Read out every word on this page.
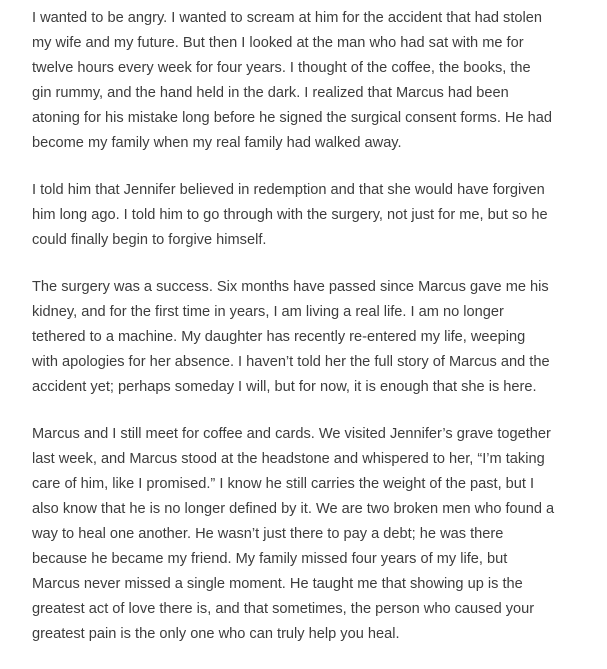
I wanted to be angry. I wanted to scream at him for the accident that had stolen
my wife and my future. But then I looked at the man who had sat with me for
twelve hours every week for four years. I thought of the coffee, the books, the
gin rummy, and the hand held in the dark. I realized that Marcus had been
atoning for his mistake long before he signed the surgical consent forms. He had
become my family when my real family had walked away.

I told him that Jennifer believed in redemption and that she would have forgiven
him long ago. I told him to go through with the surgery, not just for me, but so he
could finally begin to forgive himself.

The surgery was a success. Six months have passed since Marcus gave me his
kidney, and for the first time in years, I am living a real life. I am no longer
tethered to a machine. My daughter has recently re-entered my life, weeping
with apologies for her absence. I haven’t told her the full story of Marcus and the
accident yet; perhaps someday I will, but for now, it is enough that she is here.

Marcus and I still meet for coffee and cards. We visited Jennifer’s grave together
last week, and Marcus stood at the headstone and whispered to her, “I’m taking
care of him, like I promised.” I know he still carries the weight of the past, but I
also know that he is no longer defined by it. We are two broken men who found a
way to heal one another. He wasn’t just there to pay a debt; he was there
because he became my friend. My family missed four years of my life, but
Marcus never missed a single moment. He taught me that showing up is the
greatest act of love there is, and that sometimes, the person who caused your
greatest pain is the only one who can truly help you heal.
